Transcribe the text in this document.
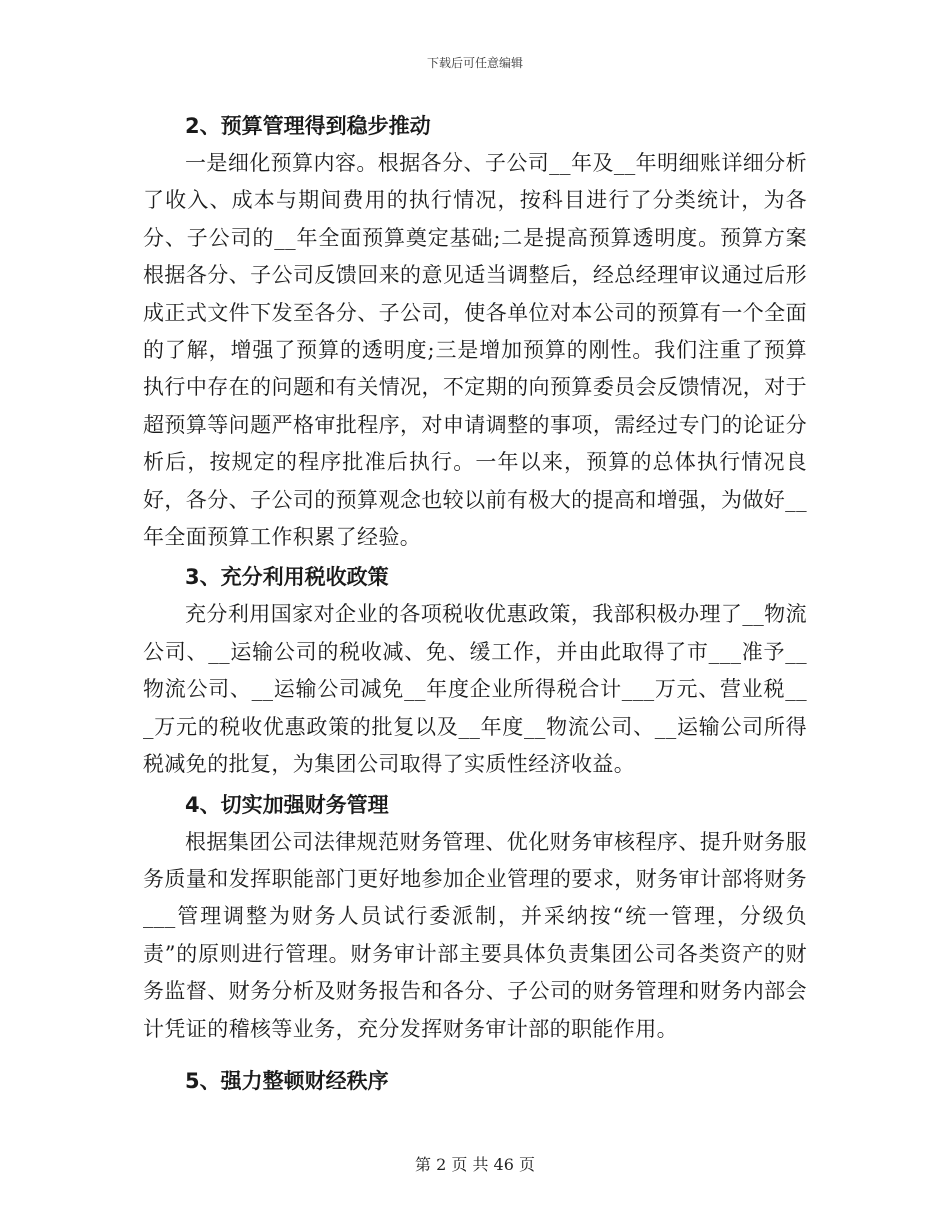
下载后可任意编辑
2、预算管理得到稳步推动

一是细化预算内容。根据各分、子公司__年及__年明细账详细分析了收入、成本与期间费用的执行情况，按科目进行了分类统计，为各分、子公司的__年全面预算奠定基础;二是提高预算透明度。预算方案根据各分、子公司反馈回来的意见适当调整后，经总经理审议通过后形成正式文件下发至各分、子公司，使各单位对本公司的预算有一个全面的了解，增强了预算的透明度;三是增加预算的刚性。我们注重了预算执行中存在的问题和有关情况，不定期的向预算委员会反馈情况，对于超预算等问题严格审批程序，对申请调整的事项，需经过专门的论证分析后，按规定的程序批准后执行。一年以来，预算的总体执行情况良好，各分、子公司的预算观念也较以前有极大的提高和增强，为做好__年全面预算工作积累了经验。

3、充分利用税收政策

充分利用国家对企业的各项税收优惠政策，我部积极办理了__物流公司、__运输公司的税收减、免、缓工作，并由此取得了市___准予__物流公司、__运输公司减免__年度企业所得税合计___万元、营业税___万元的税收优惠政策的批复以及__年度__物流公司、__运输公司所得税减免的批复，为集团公司取得了实质性经济收益。

4、切实加强财务管理

根据集团公司法律规范财务管理、优化财务审核程序、提升财务服务质量和发挥职能部门更好地参加企业管理的要求，财务审计部将财务___管理调整为财务人员试行委派制，并采纳按“统一管理，分级负责”的原则进行管理。财务审计部主要具体负责集团公司各类资产的财务监督、财务分析及财务报告和各分、子公司的财务管理和财务内部会计凭证的稽核等业务，充分发挥财务审计部的职能作用。

5、强力整顿财经秩序
第 2 页 共 46 页
